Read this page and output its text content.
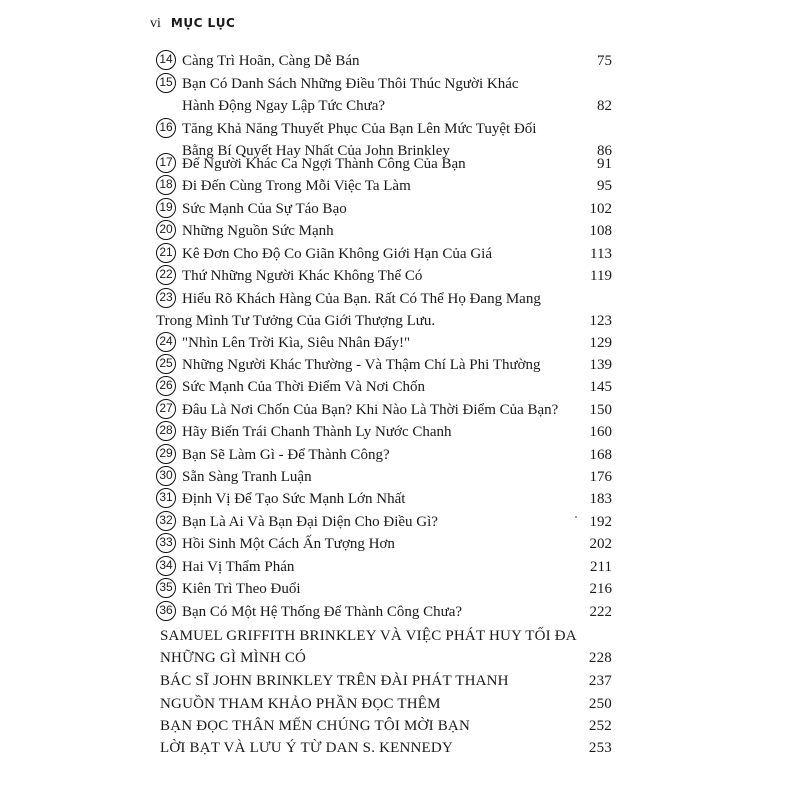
vi MỤC LỤC
14 Càng Trì Hoãn, Càng Dễ Bán	75
15 Bạn Có Danh Sách Những Điều Thôi Thúc Người Khác
Hành Động Ngay Lập Tức Chưa?	82
16 Tăng Khả Năng Thuyết Phục Của Bạn Lên Mức Tuyệt Đối
Bằng Bí Quyết Hay Nhất Của John Brinkley	86
17 Để Người Khác Ca Ngợi Thành Công Của Bạn	91
18 Đi Đến Cùng Trong Mỗi Việc Ta Làm	95
19 Sức Mạnh Của Sự Táo Bạo	102
20 Những Nguồn Sức Mạnh	108
21 Kê Đơn Cho Độ Co Giãn Không Giới Hạn Của Giá	113
22 Thứ Những Người Khác Không Thể Có	119
23 Hiểu Rõ Khách Hàng Của Bạn. Rất Có Thể Họ Đang Mang
Trong Mình Tư Tưởng Của Giới Thượng Lưu.	123
24 "Nhìn Lên Trời Kìa, Siêu Nhân Đấy!"	129
25 Những Người Khác Thường - Và Thậm Chí Là Phi Thường	139
26 Sức Mạnh Của Thời Điểm Và Nơi Chốn	145
27 Đâu Là Nơi Chốn Của Bạn? Khi Nào Là Thời Điểm Của Bạn?	150
28 Hãy Biến Trái Chanh Thành Ly Nước Chanh	160
29 Bạn Sẽ Làm Gì - Để Thành Công?	168
30 Sẵn Sàng Tranh Luận	176
31 Định Vị Để Tạo Sức Mạnh Lớn Nhất	183
32 Bạn Là Ai Và Bạn Đại Diện Cho Điều Gì?	192
33 Hồi Sinh Một Cách Ấn Tượng Hơn	202
34 Hai Vị Thẩm Phán	211
35 Kiên Trì Theo Đuổi	216
36 Bạn Có Một Hệ Thống Để Thành Công Chưa?	222
SAMUEL GRIFFITH BRINKLEY VÀ VIỆC PHÁT HUY TỐI ĐA
NHỮNG GÌ MÌNH CÓ	228
BÁC SĨ JOHN BRINKLEY TRÊN ĐÀI PHÁT THANH	237
NGUỒN THAM KHẢO PHẦN ĐỌC THÊM	250
BẠN ĐỌC THÂN MẾN CHÚNG TÔI MỜI BẠN	252
LỜI BẠT VÀ LƯU Ý TỪ DAN S. KENNEDY	253
